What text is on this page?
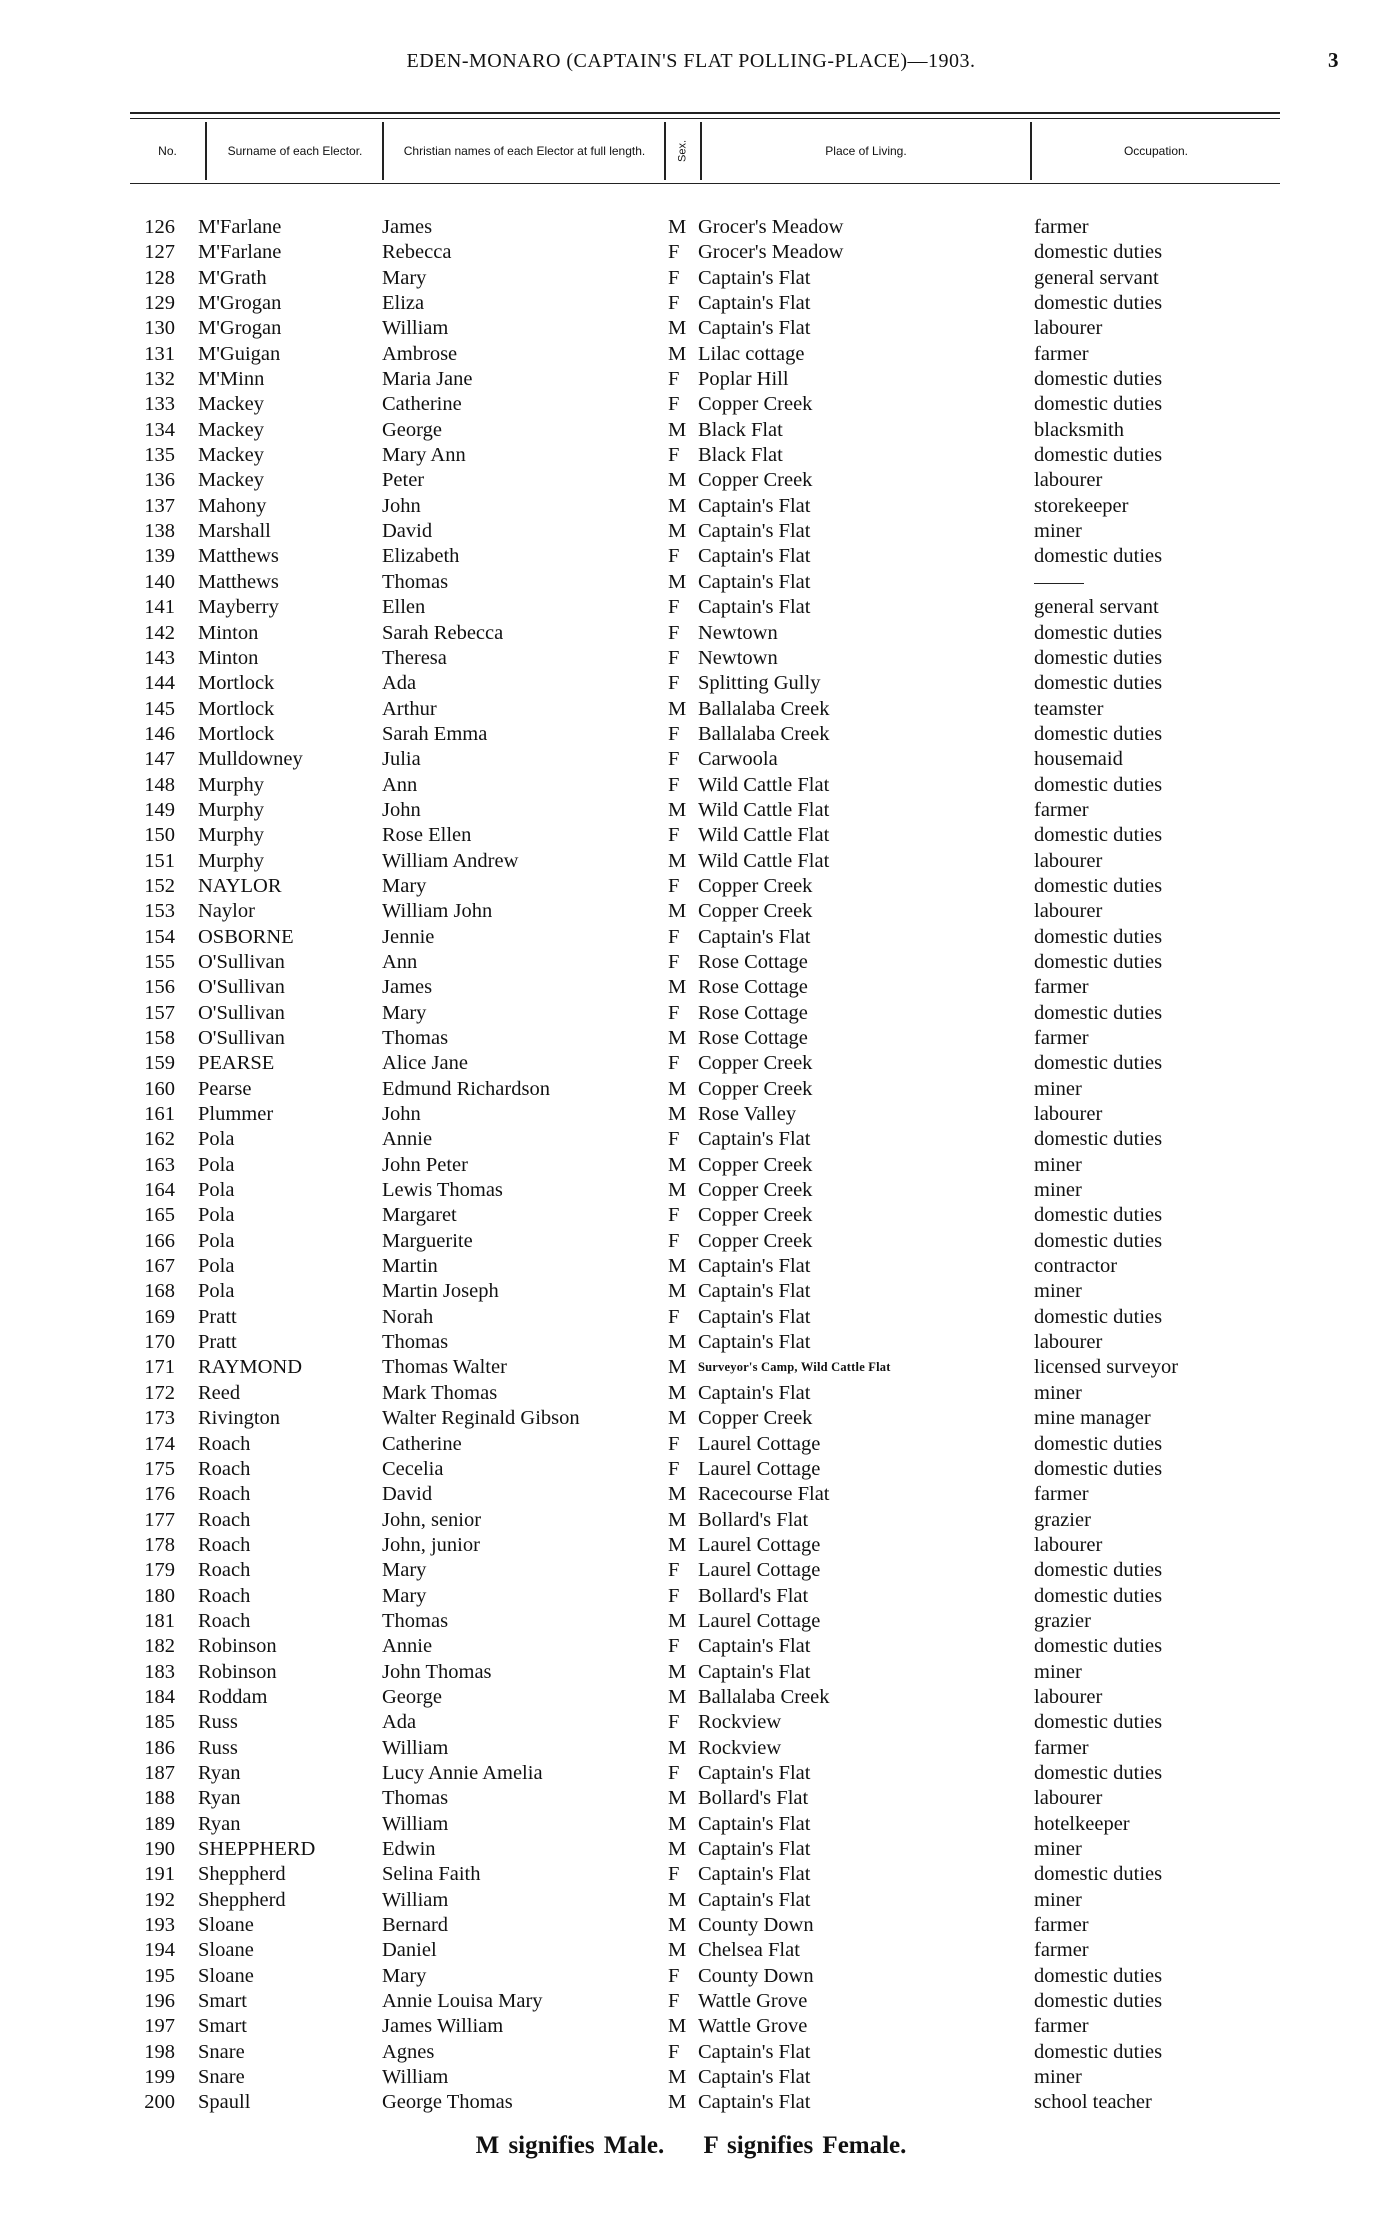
EDEN-MONARO (CAPTAIN'S FLAT POLLING-PLACE)—1903.	3
No.	Surname of each Elector.	Christian names of each Elector at full length.	Sex.	Place of Living.	Occupation.
126 M'Farlane	James	M Grocer's Meadow	farmer
127 M'Farlane	Rebecca	F Grocer's Meadow	domestic duties
128 M'Grath	Mary	F Captain's Flat	general servant
129 M'Grogan	Eliza	F Captain's Flat	domestic duties
130 M'Grogan	William	M Captain's Flat	labourer
131 M'Guigan	Ambrose	M Lilac cottage	farmer
132 M'Minn	Maria Jane	F Poplar Hill	domestic duties
133 Mackey	Catherine	F Copper Creek	domestic duties
134 Mackey	George	M Black Flat	blacksmith
135 Mackey	Mary Ann	F Black Flat	domestic duties
136 Mackey	Peter	M Copper Creek	labourer
137 Mahony	John	M Captain's Flat	storekeeper
138 Marshall	David	M Captain's Flat	miner
139 Matthews	Elizabeth	F Captain's Flat	domestic duties
140 Matthews	Thomas	M Captain's Flat
141 Mayberry	Ellen	F Captain's Flat	general servant
142 Minton	Sarah Rebecca	F Newtown	domestic duties
143 Minton	Theresa	F Newtown	domestic duties
144 Mortlock	Ada	F Splitting Gully	domestic duties
145 Mortlock	Arthur	M Ballalaba Creek	teamster
146 Mortlock	Sarah Emma	F Ballalaba Creek	domestic duties
147 Mulldowney	Julia	F Carwoola	housemaid
148 Murphy	Ann	F Wild Cattle Flat	domestic duties
149 Murphy	John	M Wild Cattle Flat	farmer
150 Murphy	Rose Ellen	F Wild Cattle Flat	domestic duties
151 Murphy	William Andrew	M Wild Cattle Flat	labourer
152 NAYLOR	Mary	F Copper Creek	domestic duties
153 Naylor	William John	M Copper Creek	labourer
154 OSBORNE	Jennie	F Captain's Flat	domestic duties
155 O'Sullivan	Ann	F Rose Cottage	domestic duties
156 O'Sullivan	James	M Rose Cottage	farmer
157 O'Sullivan	Mary	F Rose Cottage	domestic duties
158 O'Sullivan	Thomas	M Rose Cottage	farmer
159 PEARSE	Alice Jane	F Copper Creek	domestic duties
160 Pearse	Edmund Richardson	M Copper Creek	miner
161 Plummer	John	M Rose Valley	labourer
162 Pola	Annie	F Captain's Flat	domestic duties
163 Pola	John Peter	M Copper Creek	miner
164 Pola	Lewis Thomas	M Copper Creek	miner
165 Pola	Margaret	F Copper Creek	domestic duties
166 Pola	Marguerite	F Copper Creek	domestic duties
167 Pola	Martin	M Captain's Flat	contractor
168 Pola	Martin Joseph	M Captain's Flat	miner
169 Pratt	Norah	F Captain's Flat	domestic duties
170 Pratt	Thomas	M Captain's Flat	labourer
171 RAYMOND	Thomas Walter	M Surveyor's Camp, Wild Cattle Flat	licensed surveyor
172 Reed	Mark Thomas	M Captain's Flat	miner
173 Rivington	Walter Reginald Gibson	M Copper Creek	mine manager
174 Roach	Catherine	F Laurel Cottage	domestic duties
175 Roach	Cecelia	F Laurel Cottage	domestic duties
176 Roach	David	M Racecourse Flat	farmer
177 Roach	John, senior	M Bollard's Flat	grazier
178 Roach	John, junior	M Laurel Cottage	labourer
179 Roach	Mary	F Laurel Cottage	domestic duties
180 Roach	Mary	F Bollard's Flat	domestic duties
181 Roach	Thomas	M Laurel Cottage	grazier
182 Robinson	Annie	F Captain's Flat	domestic duties
183 Robinson	John Thomas	M Captain's Flat	miner
184 Roddam	George	M Ballalaba Creek	labourer
185 Russ	Ada	F Rockview	domestic duties
186 Russ	William	M Rockview	farmer
187 Ryan	Lucy Annie Amelia	F Captain's Flat	domestic duties
188 Ryan	Thomas	M Bollard's Flat	labourer
189 Ryan	William	M Captain's Flat	hotelkeeper
190 SHEPPHERD	Edwin	M Captain's Flat	miner
191 Sheppherd	Selina Faith	F Captain's Flat	domestic duties
192 Sheppherd	William	M Captain's Flat	miner
193 Sloane	Bernard	M County Down	farmer
194 Sloane	Daniel	M Chelsea Flat	farmer
195 Sloane	Mary	F County Down	domestic duties
196 Smart	Annie Louisa Mary	F Wattle Grove	domestic duties
197 Smart	James William	M Wattle Grove	farmer
198 Snare	Agnes	F Captain's Flat	domestic duties
199 Snare	William	M Captain's Flat	miner
200 Spaull	George Thomas	M Captain's Flat	school teacher
M signifies Male. F signifies Female.
